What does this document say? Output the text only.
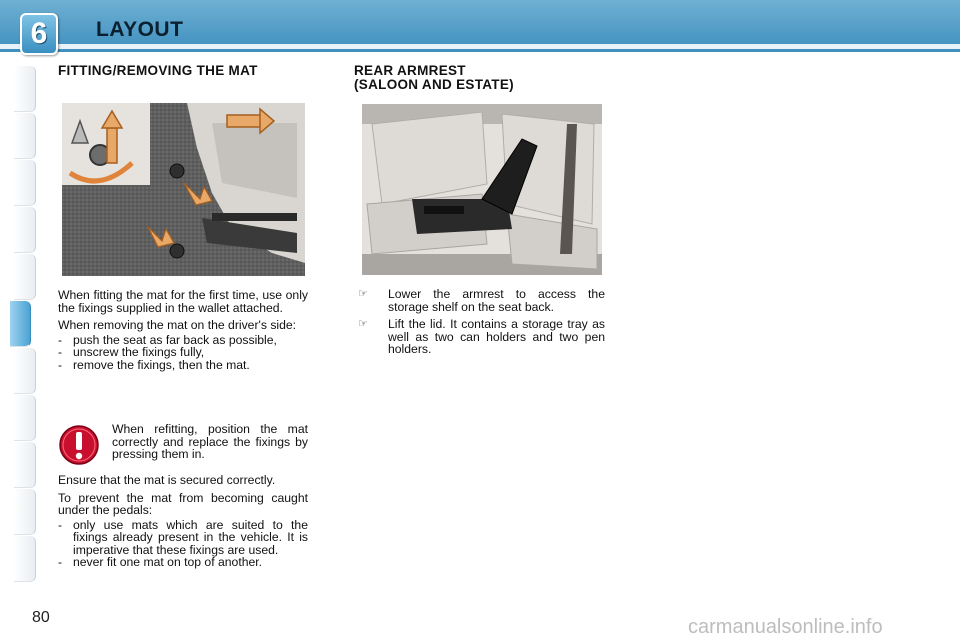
6	LAYOUT
FITTING/REMOVING THE MAT	REAR ARMREST
(SALOON AND ESTATE)

When fitting the mat for the first time, use only the fixings supplied in the wallet attached.

When removing the mat on the driver's side:

- push the seat as far back as possible,
- unscrew the fixings fully,
- remove the fixings, then the mat.
When refitting, position the mat correctly and replace the fixings by pressing them in.

Ensure that the mat is secured correctly.

To prevent the mat from becoming caught under the pedals:

- only use mats which are suited to the fixings already present in the vehicle. It is imperative that these fixings are used.
- never fit one mat on top of another.
☞	Lower the armrest to access the storage shelf on the seat back.
☞	Lift the lid. It contains a storage tray as well as two can holders and two pen holders.
80	carmanualsonline.info
